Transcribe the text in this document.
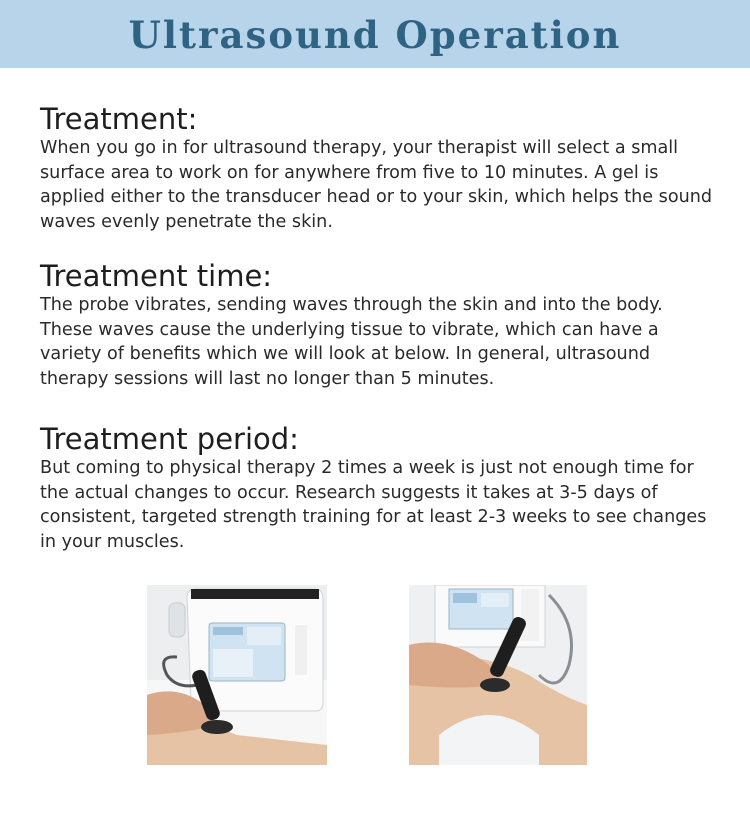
Ultrasound Operation
Treatment:

When you go in for ultrasound therapy, your therapist will select a small surface area to work on for anywhere from five to 10 minutes. A gel is applied either to the transducer head or to your skin, which helps the sound waves evenly penetrate the skin.

Treatment time:

The probe vibrates, sending waves through the skin and into the body. These waves cause the underlying tissue to vibrate, which can have a variety of benefits which we will look at below. In general, ultrasound therapy sessions will last no longer than 5 minutes.

Treatment period:

But coming to physical therapy 2 times a week is just not enough time for the actual changes to occur. Research suggests it takes at 3-5 days of consistent, targeted strength training for at least 2-3 weeks to see changes in your muscles.
